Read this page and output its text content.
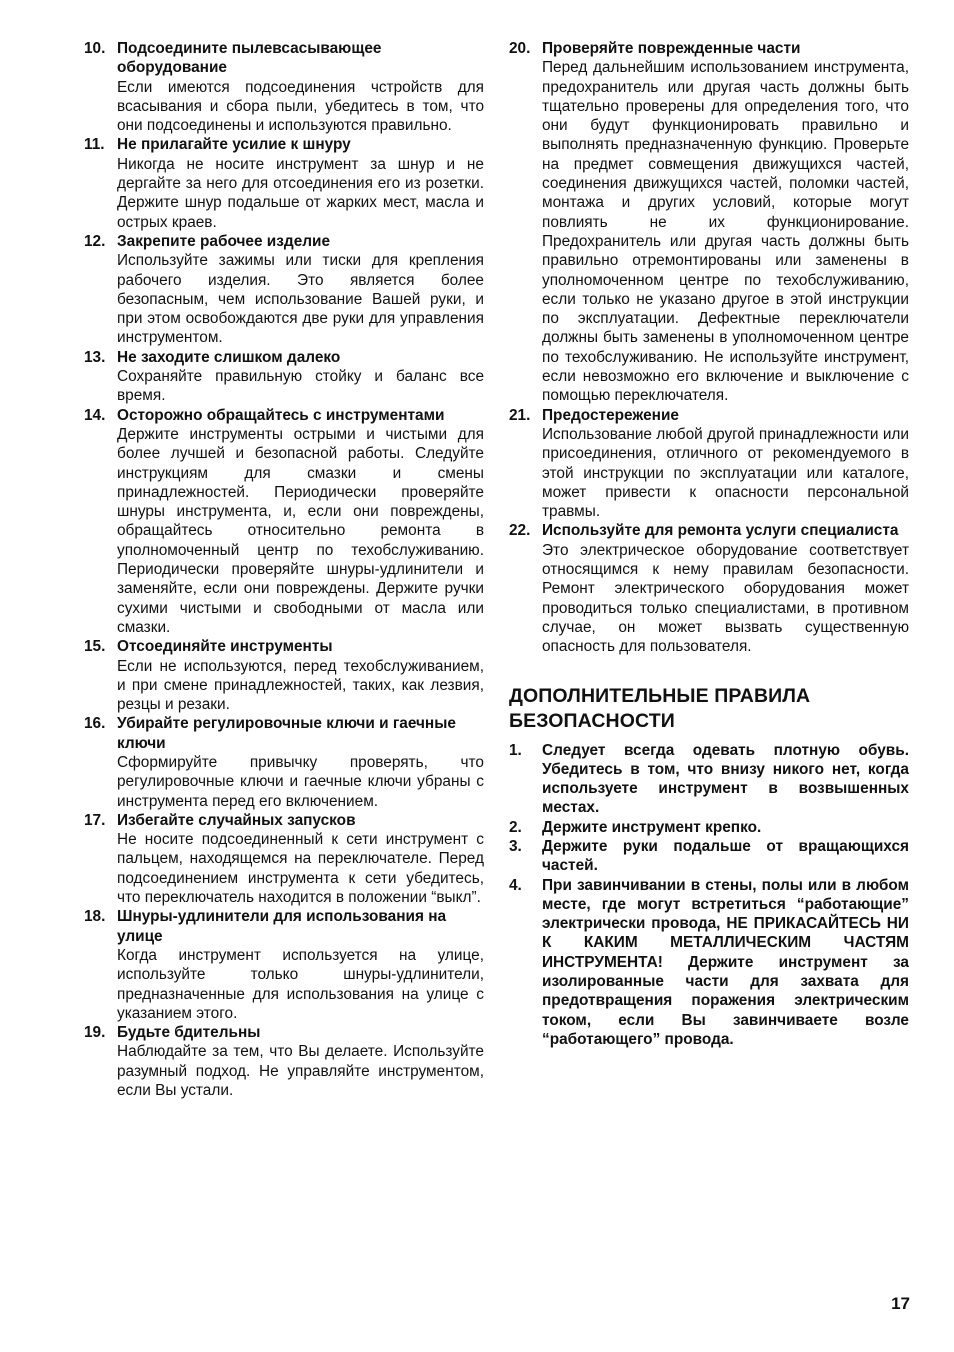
10. Подсоедините пылевсасывающее оборудование
Если имеются подсоединения чстройств для всасывания и сбора пыли, убедитесь в том, что они подсоединены и используются правильно.
11. Не прилагайте усилие к шнуру
Никогда не носите инструмент за шнур и не дергайте за него для отсоединения его из розетки. Держите шнур подальше от жарких мест, масла и острых краев.
12. Закрепите рабочее изделие
Используйте зажимы или тиски для крепления рабочего изделия. Это является более безопасным, чем использование Вашей руки, и при этом освобождаются две руки для управления инструментом.
13. Не заходите слишком далеко
Сохраняйте правильную стойку и баланс все время.
14. Осторожно обращайтесь с инструментами
Держите инструменты острыми и чистыми для более лучшей и безопасной работы. Следуйте инструкциям для смазки и смены принадлежностей. Периодически проверяйте шнуры инструмента, и, если они повреждены, обращайтесь относительно ремонта в уполномоченный центр по техобслуживанию. Периодически проверяйте шнуры-удлинители и заменяйте, если они повреждены. Держите ручки сухими чистыми и свободными от масла или смазки.
15. Отсоединяйте инструменты
Если не используются, перед техобслуживанием, и при смене принадлежностей, таких, как лезвия, резцы и резаки.
16. Убирайте регулировочные ключи и гаечные ключи
Сформируйте привычку проверять, что регулировочные ключи и гаечные ключи убраны с инструмента перед его включением.
17. Избегайте случайных запусков
Не носите подсоединенный к сети инструмент с пальцем, находящемся на переключателе. Перед подсоединением инструмента к сети убедитесь, что переключатель находится в положении “выкл”.
18. Шнуры-удлинители для использования на улице
Когда инструмент используется на улице, используйте только шнуры-удлинители, предназначенные для использования на улице с указанием этого.
19. Будьте бдительны
Наблюдайте за тем, что Вы делаете. Используйте разумный подход. Не управляйте инструментом, если Вы устали.
20. Проверяйте поврежденные части
Перед дальнейшим использованием инструмента, предохранитель или другая часть должны быть тщательно проверены для определения того, что они будут функционировать правильно и выполнять предназначенную функцию. Проверьте на предмет совмещения движущихся частей, соединения движущихся частей, поломки частей, монтажа и других условий, которые могут повлиять не их функционирование. Предохранитель или другая часть должны быть правильно отремонтированы или заменены в уполномоченном центре по техобслуживанию, если только не указано другое в этой инструкции по эксплуатации. Дефектные переключатели должны быть заменены в уполномоченном центре по техобслуживанию. Не используйте инструмент, если невозможно его включение и выключение с помощью переключателя.
21. Предостережение
Использование любой другой принадлежности или присоединения, отличного от рекомендуемого в этой инструкции по эксплуатации или каталоге, может привести к опасности персональной травмы.
22. Используйте для ремонта услуги специалиста
Это электрическое оборудование соответствует относящимся к нему правилам безопасности. Ремонт электрического оборудования может проводиться только специалистами, в противном случае, он может вызвать существенную опасность для пользователя.
ДОПОЛНИТЕЛЬНЫЕ ПРАВИЛА БЕЗОПАСНОСТИ
1.	Следует всегда одевать плотную обувь. Убедитесь в том, что внизу никого нет, когда используете инструмент в возвышенных местах.
2.	Держите инструмент крепко.
3.	Держите руки подальше от вращающихся частей.
4.	При завинчивании в стены, полы или в любом месте, где могут встретиться “работающие” электрически провода, НЕ ПРИКАСАЙТЕСЬ НИ К КАКИМ МЕТАЛЛИЧЕСКИМ ЧАСТЯМ ИНСТРУМЕНТА! Держите инструмент за изолированные части для захвата для предотвращения поражения электрическим током, если Вы завинчиваете возле “работающего” провода.
17
